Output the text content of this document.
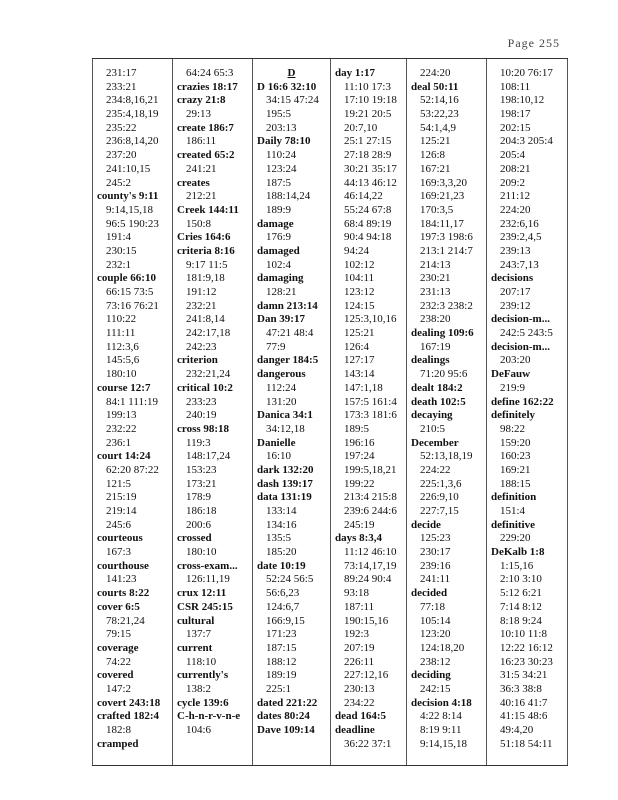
Page 255
231:17
233:21
234:8,16,21
235:4,18,19
235:22
236:8,14,20
237:20
241:10,15
245:2
county's 9:11
9:14,15,18
96:5 190:23
191:4
230:15
232:1
couple 66:10
66:15 73:5
73:16 76:21
110:22
111:11
112:3,6
145:5,6
180:10
course 12:7
84:1 111:19
199:13
232:22
236:1
court 14:24
62:20 87:22
121:5
215:19
219:14
245:6
courteous
167:3
courthouse
141:23
courts 8:22
cover 6:5
78:21,24
79:15
coverage
74:22
covered
147:2
covert 243:18
crafted 182:4
182:8
cramped
64:24 65:3
crazies 18:17
crazy 21:8
29:13
create 186:7
186:11
created 65:2
241:21
creates
212:21
Creek 144:11
150:8
Cries 164:6
criteria 8:16
9:17 11:5
181:9,18
191:12
232:21
241:8,14
242:17,18
242:23
criterion
232:21,24
critical 10:2
233:23
240:19
cross 98:18
119:3
148:17,24
153:23
173:21
178:9
186:18
200:6
crossed
180:10
cross-exam...
126:11,19
crux 12:11
CSR 245:15
cultural
137:7
current
118:10
currently's
138:2
cycle 139:6
C-h-n-r-v-n-e
104:6
D
D 16:6 32:10
34:15 47:24
195:5
203:13
Daily 78:10
110:24
123:24
187:5
188:14,24
189:9
damage
176:9
damaged
102:4
damaging
128:21
damn 213:14
Dan 39:17
47:21 48:4
77:9
danger 184:5
dangerous
112:24
131:20
Danica 34:1
34:12,18
Danielle
16:10
dark 132:20
dash 139:17
data 131:19
133:14
134:16
135:5
185:20
date 10:19
52:24 56:5
56:6,23
124:6,7
166:9,15
171:23
187:15
188:12
189:19
225:1
dated 221:22
dates 80:24
Dave 109:14
day 1:17
11:10 17:3
17:10 19:18
19:21 20:5
20:7,10
25:1 27:15
27:18 28:9
30:21 35:17
44:13 46:12
46:14,22
55:24 67:8
68:4 89:19
90:4 94:18
94:24
102:12
104:11
123:12
124:15
125:3,10,16
125:21
126:4
127:17
143:14
147:1,18
157:5 161:4
173:3 181:6
189:5
196:16
197:24
199:5,18,21
199:22
213:4 215:8
239:6 244:6
245:19
days 8:3,4
11:12 46:10
73:14,17,19
89:24 90:4
93:18
187:11
190:15,16
192:3
207:19
226:11
227:12,16
230:13
234:22
dead 164:5
deadline
36:22 37:1
224:20
deal 50:11
52:14,16
53:22,23
54:1,4,9
125:21
126:8
167:21
169:3,3,20
169:21,23
170:3,5
184:11,17
197:3 198:6
213:1 214:7
214:13
230:21
231:13
232:3 238:2
238:20
dealing 109:6
167:19
dealings
71:20 95:6
dealt 184:2
death 102:5
decaying
210:5
December
52:13,18,19
224:22
225:1,3,6
226:9,10
227:7,15
decide
125:23
230:17
239:16
241:11
decided
77:18
105:14
123:20
124:18,20
238:12
deciding
242:15
decision 4:18
4:22 8:14
8:19 9:11
9:14,15,18
10:20 76:17
108:11
198:10,12
198:17
202:15
204:3 205:4
205:4
208:21
209:2
211:12
224:20
232:6,16
239:2,4,5
239:13
243:7,13
decisions
207:17
239:12
decision-m...
242:5 243:5
decision-m...
203:20
DeFauw
219:9
define 162:22
definitely
98:22
159:20
160:23
169:21
188:15
definition
151:4
definitive
229:20
DeKalb 1:8
1:15,16
2:10 3:10
5:12 6:21
7:14 8:12
8:18 9:24
10:10 11:8
12:22 16:12
16:23 30:23
31:5 34:21
36:3 38:8
40:16 41:7
41:15 48:6
49:4,20
51:18 54:11
